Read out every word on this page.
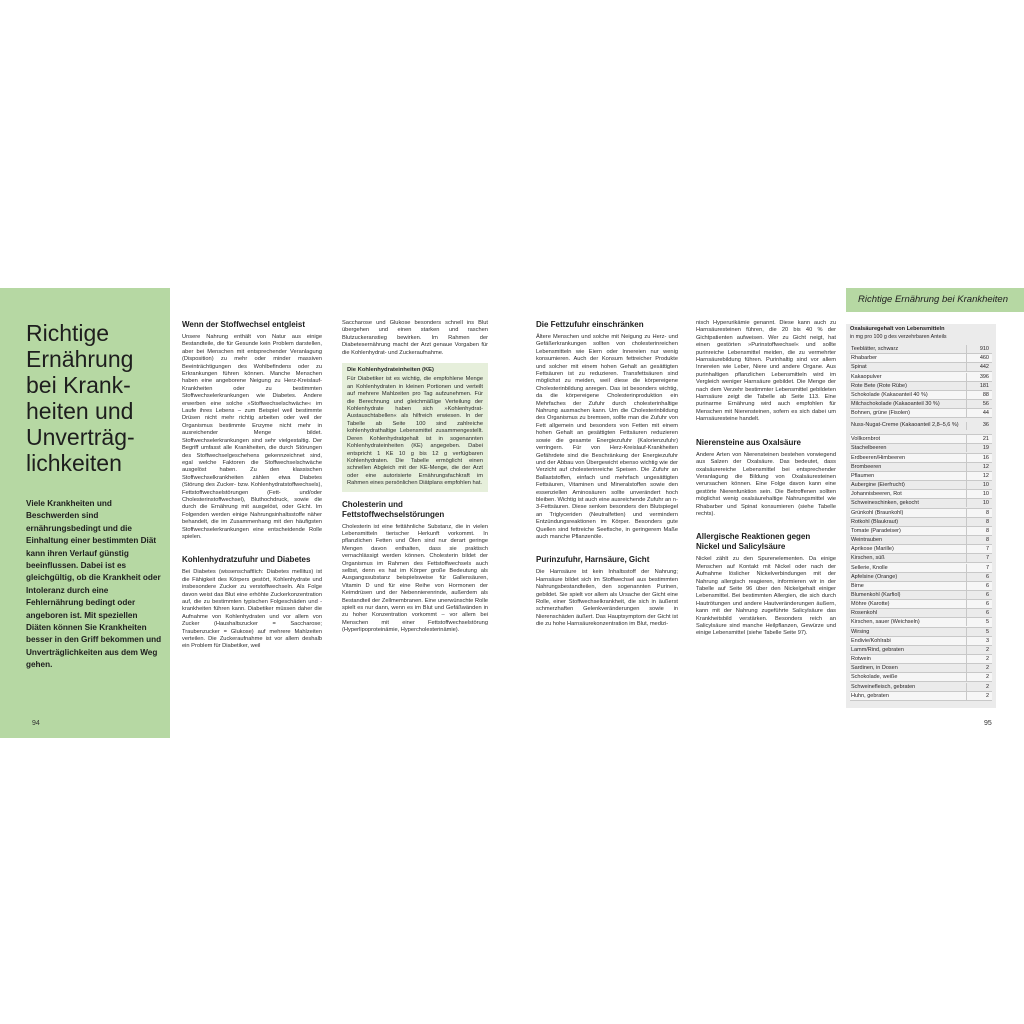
Richtige
Ernährung
bei Krank-
heiten und
Unverträg-
lichkeiten

Viele Krankheiten und Beschwerden sind ernährungsbedingt und die Einhaltung einer bestimmten Diät kann ihren Verlauf günstig beeinflussen. Dabei ist es gleichgültig, ob die Krankheit oder Intoleranz durch eine Fehlernährung bedingt oder angeboren ist. Mit speziellen Diäten können Sie Krankheiten besser in den Griff bekommen und Unverträglichkeiten aus dem Weg gehen.

94
Wenn der Stoffwechsel entgleist

Unsere Nahrung enthält von Natur aus einige Bestandteile, die für Gesunde kein Problem darstellen, aber bei Menschen mit entsprechender Veranlagung (Disposition) zu mehr oder minder massiven Beeinträchtigungen des Wohlbefindens oder zu Erkrankungen führen können. Manche Menschen haben eine angeborene Neigung zu Herz-Kreislauf-Krankheiten oder zu bestimmten Stoffwechselerkrankungen wie Diabetes. Andere erwerben eine solche »Stoffwechselschwäche« im Laufe ihres Lebens – zum Beispiel weil bestimmte Drüsen nicht mehr richtig arbeiten oder weil der Organismus bestimmte Enzyme nicht mehr in ausreichender Menge bildet. Stoffwechselerkrankungen sind sehr vielgestaltig. Der Begriff umfasst alle Krankheiten, die durch Störungen des Stoffwechselgeschehens gekennzeichnet sind, egal welche Faktoren die Stoffwechselschwäche ausgelöst haben. Zu den klassischen Stoffwechselkrankheiten zählen etwa Diabetes (Störung des Zucker- bzw. Kohlenhydratstoffwechsels), Fettstoffwechselstörungen (Fett- und/oder Cholesterinstoffwechsel), Bluthochdruck, sowie die durch die Ernährung mit ausgelöst, oder Gicht. Im Folgenden werden einige Nahrungsinhaltsstoffe näher behandelt, die im Zusammenhang mit den häufigsten Stoffwechselerkrankungen eine entscheidende Rolle spielen.

Kohlenhydratzufuhr und Diabetes

Bei Diabetes (wissenschaftlich: Diabetes mellitus) ist die Fähigkeit des Körpers gestört, Kohlenhydrate und insbesondere Zucker zu verstoffwechseln. Als Folge davon weist das Blut eine erhöhte Zuckerkonzentration auf, die zu bestimmten typischen Folgeschäden und -krankheiten führen kann. Diabetiker müssen daher die Aufnahme von Kohlenhydraten und vor allem von Zucker (Haushaltszucker = Saccharose; Traubenzucker = Glukose) auf mehrere Mahlzeiten verteilen. Die Zuckeraufnahme ist vor allem deshalb ein Problem für Diabetiker, weil

Saccharose und Glukose besonders schnell ins Blut übergehen und einen starken und raschen Blutzuckeranstieg bewirken. Im Rahmen der Diabetesernährung macht der Arzt genaue Vorgaben für die Kohlenhydrat- und Zuckeraufnahme.

Die Kohlenhydrateinheiten (KE)

Für Diabetiker ist es wichtig, die empfohlene Menge an Kohlenhydraten in kleinen Portionen und verteilt auf mehrere Mahlzeiten pro Tag aufzunehmen. Für die Berechnung und gleichmäßige Verteilung der Kohlenhydrate haben sich »Kohlenhydrat-Austauschtabellen« als hilfreich erwiesen. In der Tabelle ab Seite 100 sind zahlreiche kohlenhydrathaltige Lebensmittel zusammengestellt. Deren Kohlenhydratgehalt ist in sogenannten Kohlenhydrateinheiten (KE) angegeben. Dabei entspricht 1 KE 10 g bis 12 g verfügbaren Kohlenhydraten. Die Tabelle ermöglicht einen schnellen Abgleich mit der KE-Menge, die der Arzt oder eine autorisierte Ernährungsfachkraft im Rahmen eines persönlichen Diätplans empfohlen hat.

Cholesterin und Fettstoffwechselstörungen

Cholesterin ist eine fettähnliche Substanz, die in vielen Lebensmitteln tierischer Herkunft vorkommt. In pflanzlichen Fetten und Ölen sind nur derart geringe Mengen davon enthalten, dass sie praktisch vernachlässigt werden können. Cholesterin bildet der Organismus im Rahmen des Fettstoffwechsels auch selbst, denn es hat im Körper große Bedeutung als Ausgangssubstanz beispielsweise für Gallensäuren, Vitamin D und für eine Reihe von Hormonen der Keimdrüsen und der Nebennierenrinde, außerdem als Bestandteil der Zellmembranen. Eine unerwünschte Rolle spielt es nur dann, wenn es im Blut und Gefäßwänden in zu hoher Konzentration vorkommt – vor allem bei Menschen mit einer Fettstoffwechselstörung (Hyperlipoproteinämie, Hypercholesterinämie).

Die Fettzufuhr einschränken

Ältere Menschen und solche mit Neigung zu Herz- und Gefäßerkrankungen sollten von cholesterinreichen Lebensmitteln wie Eiern oder Innereien nur wenig konsumieren. Auch der Konsum fettreicher Produkte und solcher mit einem hohen Gehalt an gesättigten Fettsäuren ist zu reduzieren. Transfettsäuren sind möglichst zu meiden, weil diese die körpereigene Cholesterinbildung anregen. Das ist besonders wichtig, da die körpereigene Cholesterinproduktion ein Mehrfaches der Zufuhr durch cholesterinhaltige Nahrung ausmachen kann. Um die Cholesterinbildung des Organismus zu bremsen, sollte man die Zufuhr von Fett allgemein und besonders von Fetten mit einem hohen Gehalt an gesättigten Fettsäuren reduzieren sowie die gesamte Energiezufuhr (Kalorienzufuhr) verringern. Für von Herz-Kreislauf-Krankheiten Gefährdete sind die Beschränkung der Energiezufuhr und der Abbau von Übergewicht ebenso wichtig wie der Verzicht auf cholesterinreiche Speisen. Die Zufuhr an Ballaststoffen, einfach und mehrfach ungesättigten Fettsäuren, Vitaminen und Mineralstoffen sowie den essenziellen Aminosäuren sollte unverändert hoch bleiben. Wichtig ist auch eine ausreichende Zufuhr an n-3-Fettsäuren. Diese senken besonders den Blutspiegel an Triglyceriden (Neutralfetten) und vermindern Entzündungsreaktionen im Körper. Besonders gute Quellen sind fettreiche Seefische, in geringerem Maße auch manche Pflanzenöle.

Purinzufuhr, Harnsäure, Gicht

Die Harnsäure ist kein Inhaltsstoff der Nahrung; Harnsäure bildet sich im Stoffwechsel aus bestimmten Nahrungsbestandteilen, den sogenannten Purinen, gebildet. Sie spielt vor allem als Ursache der Gicht eine Rolle, einer Stoffwechselkrankheit, die sich in äußerst schmerzhaften Gelenkveränderungen sowie in Nierenschäden äußert. Das Hauptsymptom der Gicht ist die zu hohe Harnsäurekonzentration im Blut, medizi-

nisch Hyperurikämie genannt. Diese kann auch zu Harnsäuresteinen führen, die 20 bis 40 % der Gichtpatienten aufweisen. Wer zu Gicht neigt, hat einen gestörten »Purinstoffwechsel« und sollte purinreiche Lebensmittel meiden, die zu vermehrter Harnsäurebildung führen. Purinhaltig sind vor allem Innereien wie Leber, Niere und andere Organe. Aus purinhaltigen pflanzlichen Lebensmitteln wird im Vergleich weniger Harnsäure gebildet. Die Menge der nach dem Verzehr bestimmter Lebensmittel gebildeten Harnsäure zeigt die Tabelle ab Seite 113. Eine purinarme Ernährung wird auch empfohlen für Menschen mit Nierensteinen, sofern es sich dabei um Harnsäuresteine handelt.

Nierensteine aus Oxalsäure

Andere Arten von Nierensteinen bestehen vorwiegend aus Salzen der Oxalsäure. Das bedeutet, dass oxalsäurereiche Lebensmittel bei entsprechender Veranlagung die Bildung von Oxalsäuresteinen verursachen können. Eine Folge davon kann eine gestörte Nierenfunktion sein. Die Betroffenen sollten möglichst wenig oxalsäurehaltige Nahrungsmittel wie Rhabarber und Spinat konsumieren (siehe Tabelle rechts).

Allergische Reaktionen gegen Nickel und Salicylsäure

Nickel zählt zu den Spurenelementen. Da einige Menschen auf Kontakt mit Nickel oder nach der Aufnahme löslicher Nickelverbindungen mit der Nahrung allergisch reagieren, informieren wir in der Tabelle auf Seite 96 über den Nickelgehalt einiger Lebensmittel. Bei bestimmten Allergien, die sich durch Hautrötungen und andere Hautveränderungen äußern, kann mit der Nahrung zugeführte Salicylsäure das Krankheitsbild verstärken. Besonders reich an Salicylsäure sind manche Heilpflanzen, Gewürze und einige Lebensmittel (siehe Tabelle Seite 97).

Richtige Ernährung bei Krankheiten
Oxalsäuregehalt von Lebensmitteln
in mg pro 100 g des verzehrbaren Anteils
Teeblätter, schwarz	910
Rhabarber	460
Spinat	442
Kakaopulver	396
Rote Bete (Rote Rübe)	181
Schokolade (Kakaoanteil 40 %)	88
Milchschokolade (Kakaoanteil 30 %)	56
Bohnen, grüne (Fisolen)	44
Nuss-Nugat-Creme (Kakaoanteil 2,8–5,6 %)	36
Vollkornbrot	21
Stachelbeeren	19
Erdbeeren/Himbeeren	16
Brombeeren	12
Pflaumen	12
Aubergine (Eierfrucht)	10
Johannisbeeren, Rot	10
Schweineschinken, gekocht	10
Grünkohl (Braunkohl)	8
Rotkohl (Blaukraut)	8
Tomate (Paradeiser)	8
Weintrauben	8
Aprikose (Marille)	7
Kirschen, süß	7
Sellerie, Knolle	7
Apfelsine (Orange)	6
Birne	6
Blumenkohl (Karfiol)	6
Möhre (Karotte)	6
Rosenkohl	6
Kirschen, sauer (Weichseln)	5
Wirsing	5
Endivie/Kohlrabi	3
Lamm/Rind, gebraten	2
Rotwein	2
Sardinen, in Dosen	2
Schokolade, weiße	2
Schweinefleisch, gebraten	2
Huhn, gebraten	2
95
